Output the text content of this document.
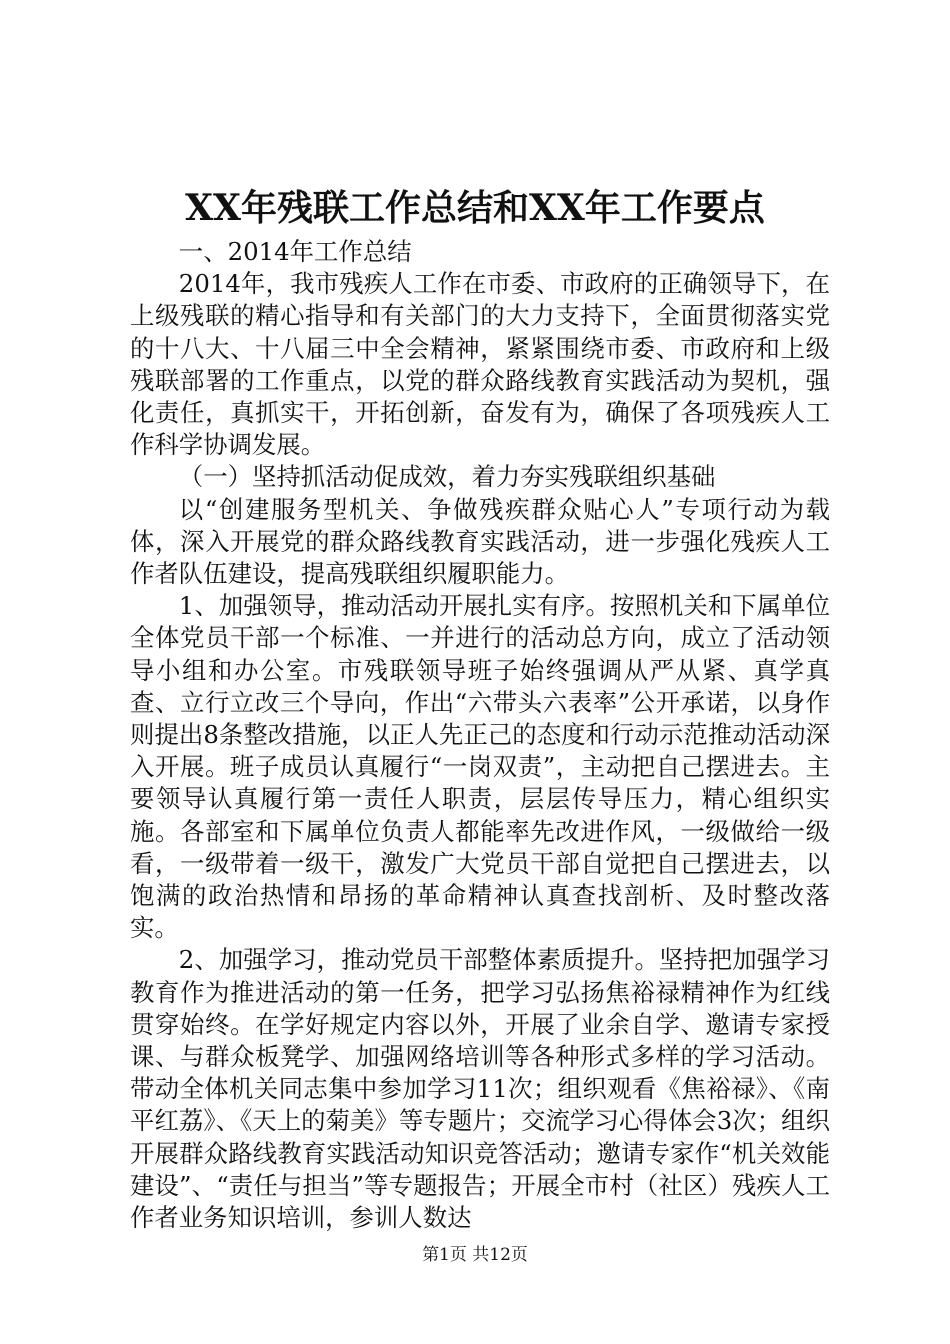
XX年残联工作总结和XX年工作要点

一、2014年工作总结

2014年，我市残疾人工作在市委、市政府的正确领导下，在上级残联的精心指导和有关部门的大力支持下，全面贯彻落实党的十八大、十八届三中全会精神，紧紧围绕市委、市政府和上级残联部署的工作重点，以党的群众路线教育实践活动为契机，强化责任，真抓实干，开拓创新，奋发有为，确保了各项残疾人工作科学协调发展。

（一）坚持抓活动促成效，着力夯实残联组织基础

以“创建服务型机关、争做残疾群众贴心人”专项行动为载体，深入开展党的群众路线教育实践活动，进一步强化残疾人工作者队伍建设，提高残联组织履职能力。

1、加强领导，推动活动开展扎实有序。按照机关和下属单位全体党员干部一个标准、一并进行的活动总方向，成立了活动领导小组和办公室。市残联领导班子始终强调从严从紧、真学真查、立行立改三个导向，作出“六带头六表率”公开承诺，以身作则提出8条整改措施，以正人先正己的态度和行动示范推动活动深入开展。班子成员认真履行“一岗双责”，主动把自己摆进去。主要领导认真履行第一责任人职责，层层传导压力，精心组织实施。各部室和下属单位负责人都能率先改进作风，一级做给一级看，一级带着一级干，激发广大党员干部自觉把自己摆进去，以饱满的政治热情和昂扬的革命精神认真查找剖析、及时整改落实。

2、加强学习，推动党员干部整体素质提升。坚持把加强学习教育作为推进活动的第一任务，把学习弘扬焦裕禄精神作为红线贯穿始终。在学好规定内容以外，开展了业余自学、邀请专家授课、与群众板凳学、加强网络培训等各种形式多样的学习活动。带动全体机关同志集中参加学习11次；组织观看《焦裕禄》、《南平红荔》、《天上的菊美》等专题片；交流学习心得体会3次；组织开展群众路线教育实践活动知识竞答活动；邀请专家作“机关效能建设”、“责任与担当”等专题报告；开展全市村（社区）残疾人工作者业务知识培训，参训人数达

第1页 共12页
